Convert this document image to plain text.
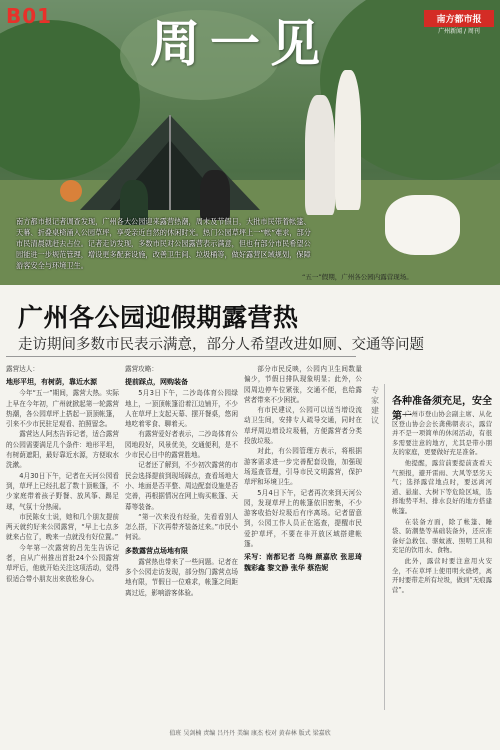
B01 周一见	南方都市报
广州新闻 / 周刊
南方都市报记者调查发现，广州各大公园迎来露营热潮，周末及节假日，大批市民带着帐篷、天幕、折叠桌椅涌入公园草坪，享受亲近自然的休闲时光。热门公园草坪上一“帐”难求，部分市民清晨就赶去占位。记者走访发现，多数市民对公园露营表示满意，但也有部分市民希望公园能进一步规范管理，增设更多配套设施，改善卫生间、垃圾桶等，做好露营区域规划，保障游客安全与环境卫生。
“五一”假期，广州各公园内露营现场。
广州各公园迎假期露营热
走访期间多数市民表示满意，部分人希望改进如厕、交通等问题
露营达人：
地形平坦，有树荫，靠近水源

今年“五一”期间，露营大热。实际上早在今年初，广州就掀起第一轮露营热潮，各公园草坪上搭起一顶顶帐篷，引来不少市民驻足观看、拍照留念。

露营达人阿杰告诉记者，适合露营的公园需要满足几个条件：地形平坦，有树荫遮阳，最好靠近水源，方便取水洗漱。

4月30日下午，记者在天河公园看到，草坪上已经扎起了数十顶帐篷，不少家庭带着孩子野餐、放风筝、踢足球，气氛十分热闹。

市民陈女士说，她和几个朋友提前两天就约好来公园露营，“早上七点多就来占位了，晚来一点就没有好位置。”

今年第一次露营的吕先生告诉记者，自从广州推出首批24个公园露营草坪后，他就开始关注这项活动，觉得很适合带小朋友出来放松身心。

露营攻略：
提前踩点，网购装备

5月3日下午，二沙岛体育公园绿地上，一顶顶帐篷沿着江边铺开，不少人在草坪上支起天幕、摆开餐桌，悠闲地吃着零食、聊着天。

有露营爱好者表示，二沙岛体育公园地段好，风景优美，交通便利，是不少市民心目中的露营胜地。

记者还了解到，不少初次露营的市民会选择提前到现场踩点，查看场地大小、地面是否平整、周边配套设施是否完善，再根据情况在网上购买帐篷、天幕等装备。

“第一次来没有经验，先看看别人怎么搭，下次再带齐装备过来。”市民小何说。

多数露营点场地有限

露营热也带来了一些问题。记者在多个公园走访发现，部分热门露营点场地有限，节假日一位难求，帐篷之间距离过近，影响游客体验。

部分市民反映，公园内卫生间数量偏少，节假日排队现象明显；此外，公园周边停车位紧张，交通不便，也给露营者带来不少困扰。

有市民建议，公园可以适当增设流动卫生间，安排专人疏导交通，同时在草坪周边增设垃圾桶，方便露营者分类投放垃圾。

对此，有公园管理方表示，将根据游客需求进一步完善配套设施，加强现场巡查管理，引导市民文明露营，保护草坪和环境卫生。

5月4日下午，记者再次来到天河公园，发现草坪上的帐篷依旧密集，不少游客收拾好垃圾后有序离场。记者留意到，公园工作人员正在巡查，提醒市民爱护草坪，不要在非开放区域搭建帐篷。

采写：南都记者 乌梅 颜嘉欣 张思琦 魏彩鑫 黎文静 张华 蔡浩妮
专家建议
各种准备须充足，安全第一

广州市登山协会副主席、从化区登山协会会长龚佛朝表示，露营并不是一项简单的休闲活动，有很多需要注意的地方，尤其是带小朋友的家庭，更要做好充足准备。

他提醒，露营前要提前查看天气预报，避开雷雨、大风等恶劣天气；选择露营地点时，要远离河道、悬崖、大树下等危险区域，选择地势平坦、排水良好的地方搭建帐篷。

在装备方面，除了帐篷、睡袋、防潮垫等基础装备外，还应准备好急救包、驱蚊液、照明工具和充足的饮用水、食物。

此外，露营时要注意用火安全，不在草坪上使用明火烧烤，离开时要带走所有垃圾，做到“无痕露营”。

值班 吴剑楠 责编 吕丹丹 美编 康杰 校对 黄春林 版式 梁嘉欣
